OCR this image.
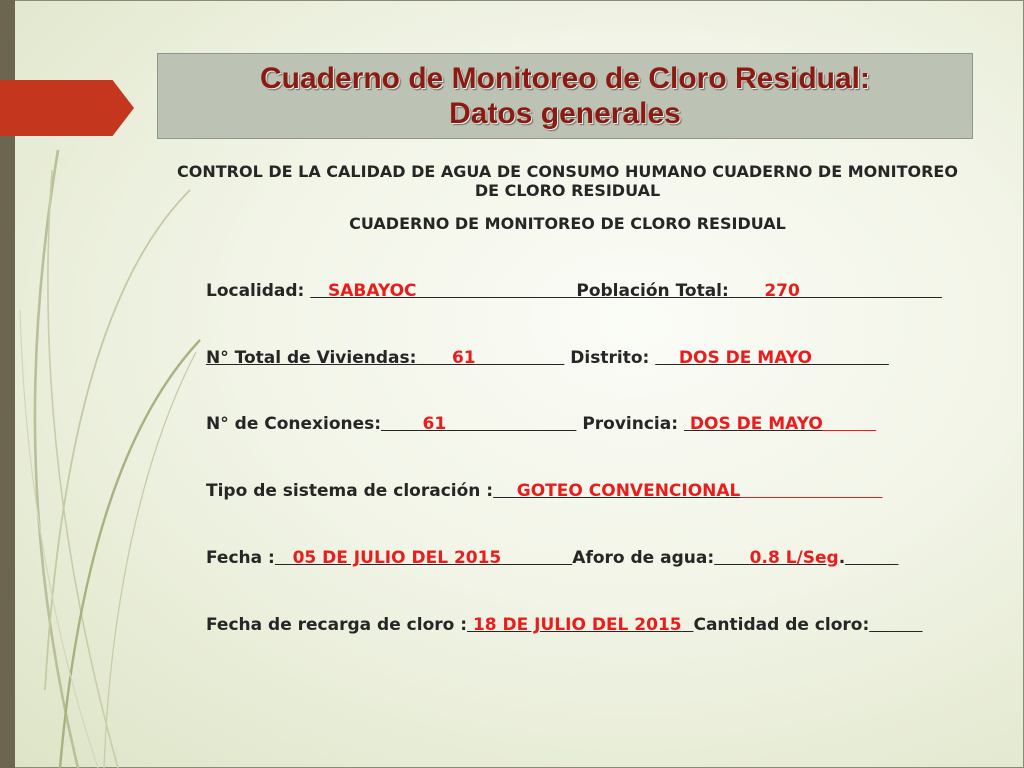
Cuaderno de Monitoreo de Cloro Residual:
Datos generales
CONTROL DE LA CALIDAD DE AGUA DE CONSUMO HUMANO CUADERNO DE MONITOREO DE CLORO RESIDUAL
CUADERNO DE MONITOREO DE CLORO RESIDUAL
Localidad:    SABAYOC	Población Total: 270
N° Total de Viviendas: 61	Distrito:     DOS DE MAYO
N° de Conexiones: 61	Provincia:  DOS DE MAYO
Tipo de sistema de cloración : GOTEO CONVENCIONAL
Fecha : 05 DE JULIO DEL 2015	Aforo de agua: 0.8 L/Seg.
Fecha de recarga de cloro : 18 DE JULIO DEL 2015 Cantidad de cloro:
